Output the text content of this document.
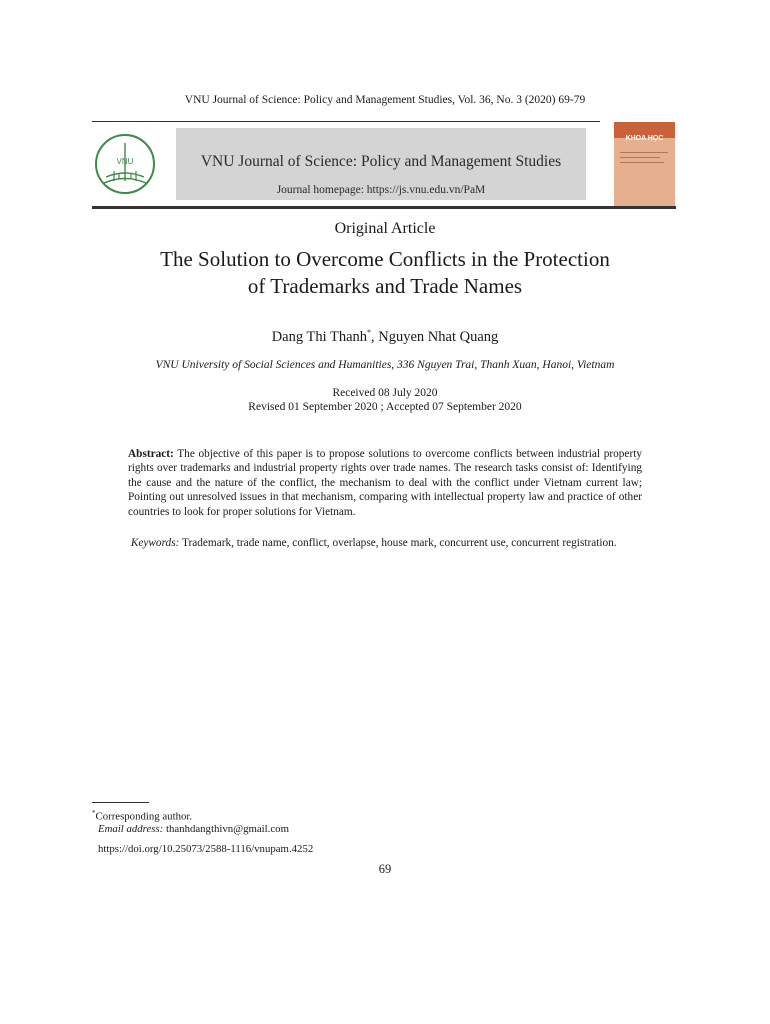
VNU Journal of Science: Policy and Management Studies, Vol. 36, No. 3 (2020) 69-79
VNU	VNU Journal of Science: Policy and Management Studies
Journal homepage: https://js.vnu.edu.vn/PaM
KHOA HỌC
Original Article
The Solution to Overcome Conflicts in the Protection
of Trademarks and Trade Names
Dang Thi Thanh*, Nguyen Nhat Quang
VNU University of Social Sciences and Humanities, 336 Nguyen Trai, Thanh Xuan, Hanoi, Vietnam
Received 08 July 2020
Revised 01 September 2020 ; Accepted 07 September 2020
Abstract: The objective of this paper is to propose solutions to overcome conflicts between industrial property rights over trademarks and industrial property rights over trade names. The research tasks consist of: Identifying the cause and the nature of the conflict, the mechanism to deal with the conflict under Vietnam current law; Pointing out unresolved issues in that mechanism, comparing with intellectual property law and practice of other countries to look for proper solutions for Vietnam.
Keywords: Trademark, trade name, conflict, overlapse, house mark, concurrent use, concurrent registration.
*Corresponding author.
Email address: thanhdangthivn@gmail.com
https://doi.org/10.25073/2588-1116/vnupam.4252
69
